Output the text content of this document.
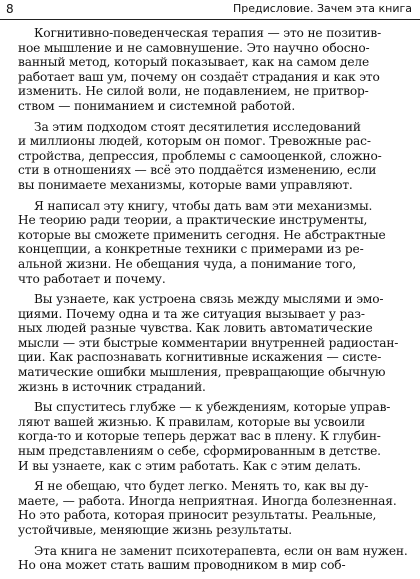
8	Предисловие. Зачем эта книга
Когнитивно-поведенческая терапия — это не позитив-
ное мышление и не самовнушение. Это научно обосно-
ванный метод, который показывает, как на самом деле
работает ваш ум, почему он создаёт страдания и как это
изменить. Не силой воли, не подавлением, не притвор-
ством — пониманием и системной работой.
За этим подходом стоят десятилетия исследований
и миллионы людей, которым он помог. Тревожные рас-
стройства, депрессия, проблемы с самооценкой, сложно-
сти в отношениях — всё это поддаётся изменению, если
вы понимаете механизмы, которые вами управляют.
Я написал эту книгу, чтобы дать вам эти механизмы.
Не теорию ради теории, а практические инструменты,
которые вы сможете применить сегодня. Не абстрактные
концепции, а конкретные техники с примерами из ре-
альной жизни. Не обещания чуда, а понимание того,
что работает и почему.
Вы узнаете, как устроена связь между мыслями и эмо-
циями. Почему одна и та же ситуация вызывает у раз-
ных людей разные чувства. Как ловить автоматические
мысли — эти быстрые комментарии внутренней радиостан-
ции. Как распознавать когнитивные искажения — систе-
матические ошибки мышления, превращающие обычную
жизнь в источник страданий.
Вы спуститесь глубже — к убеждениям, которые управ-
ляют вашей жизнью. К правилам, которые вы усвоили
когда-то и которые теперь держат вас в плену. К глубин-
ным представлениям о себе, сформированным в детстве.
И вы узнаете, как с этим работать. Как с этим делать.
Я не обещаю, что будет легко. Менять то, как вы ду-
маете, — работа. Иногда неприятная. Иногда болезненная.
Но это работа, которая приносит результаты. Реальные,
устойчивые, меняющие жизнь результаты.
Эта книга не заменит психотерапевта, если он вам нужен.
Но она может стать вашим проводником в мир соб-
